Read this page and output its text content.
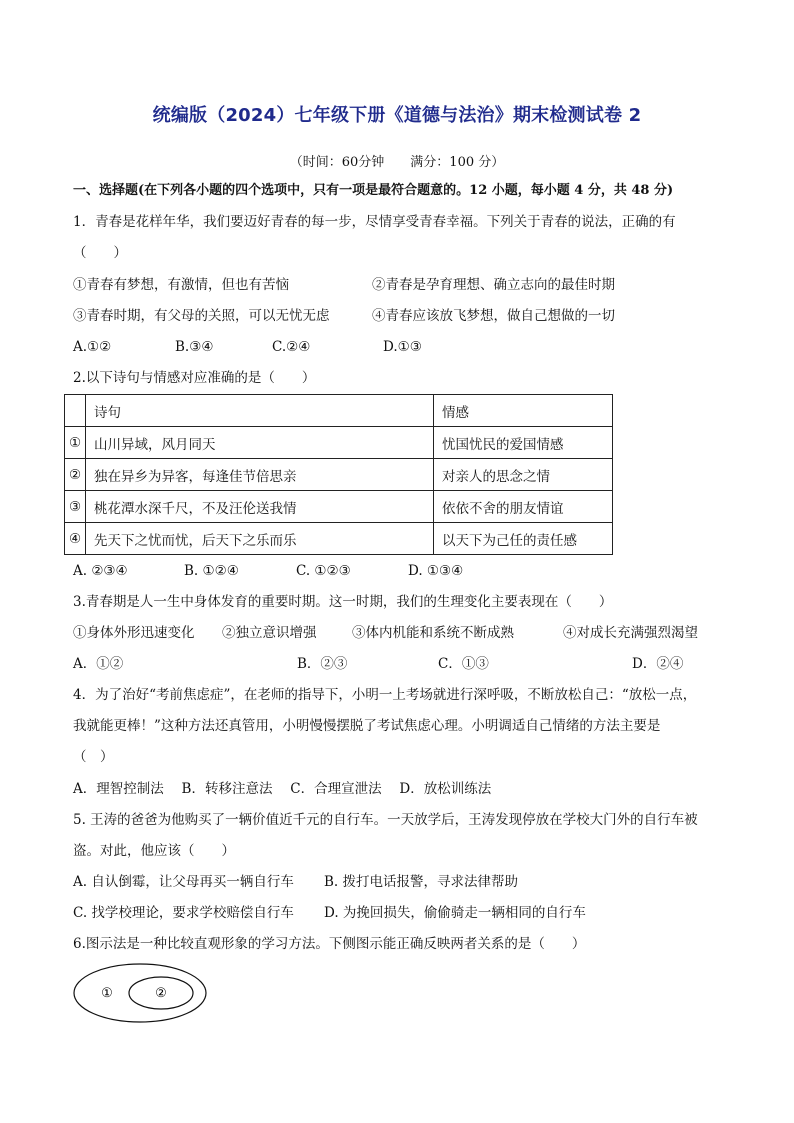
统编版（2024）七年级下册《道德与法治》期末检测试卷 2
（时间：60分钟 满分：100 分）
一、选择题(在下列各小题的四个选项中，只有一项是最符合题意的。12 小题，每小题 4 分，共 48 分)
1．青春是花样年华，我们要迈好青春的每一步，尽情享受青春幸福。下列关于青春的说法，正确的有
（　　）
①青春有梦想，有激情，但也有苦恼	②青春是孕育理想、确立志向的最佳时期
③青春时期，有父母的关照，可以无忧无虑	④青春应该放飞梦想，做自己想做的一切
A.①②	B.③④	C.②④	D.①③
2.以下诗句与情感对应准确的是（　　）
	诗句	情感
①	山川异域，风月同天	忧国忧民的爱国情感
②	独在异乡为异客，每逢佳节倍思亲	对亲人的思念之情
③	桃花潭水深千尺，不及汪伦送我情	依依不舍的朋友情谊
④	先天下之忧而忧，后天下之乐而乐	以天下为己任的责任感
A. ②③④	B. ①②④	C. ①②③	D. ①③④
3.青春期是人一生中身体发育的重要时期。这一时期，我们的生理变化主要表现在（　　）
①身体外形迅速变化 ②独立意识增强	③体内机能和系统不断成熟	④对成长充满强烈渴望
A．①②	B．②③	C．①③	D．②④
4．为了治好“考前焦虑症”，在老师的指导下，小明一上考场就进行深呼吸，不断放松自己：“放松一点，
我就能更棒！”这种方法还真管用，小明慢慢摆脱了考试焦虑心理。小明调适自己情绪的方法主要是
（　）
A．理智控制法　 B．转移注意法　 C．合理宣泄法　 D．放松训练法
5. 王涛的爸爸为他购买了一辆价值近千元的自行车。一天放学后，王涛发现停放在学校大门外的自行车被
盗。对此，他应该（　　）
A. 自认倒霉，让父母再买一辆自行车 B. 拨打电话报警，寻求法律帮助
C. 找学校理论，要求学校赔偿自行车 D. 为挽回损失，偷偷骑走一辆相同的自行车
6.图示法是一种比较直观形象的学习方法。下侧图示能正确反映两者关系的是（　　）
①	②
